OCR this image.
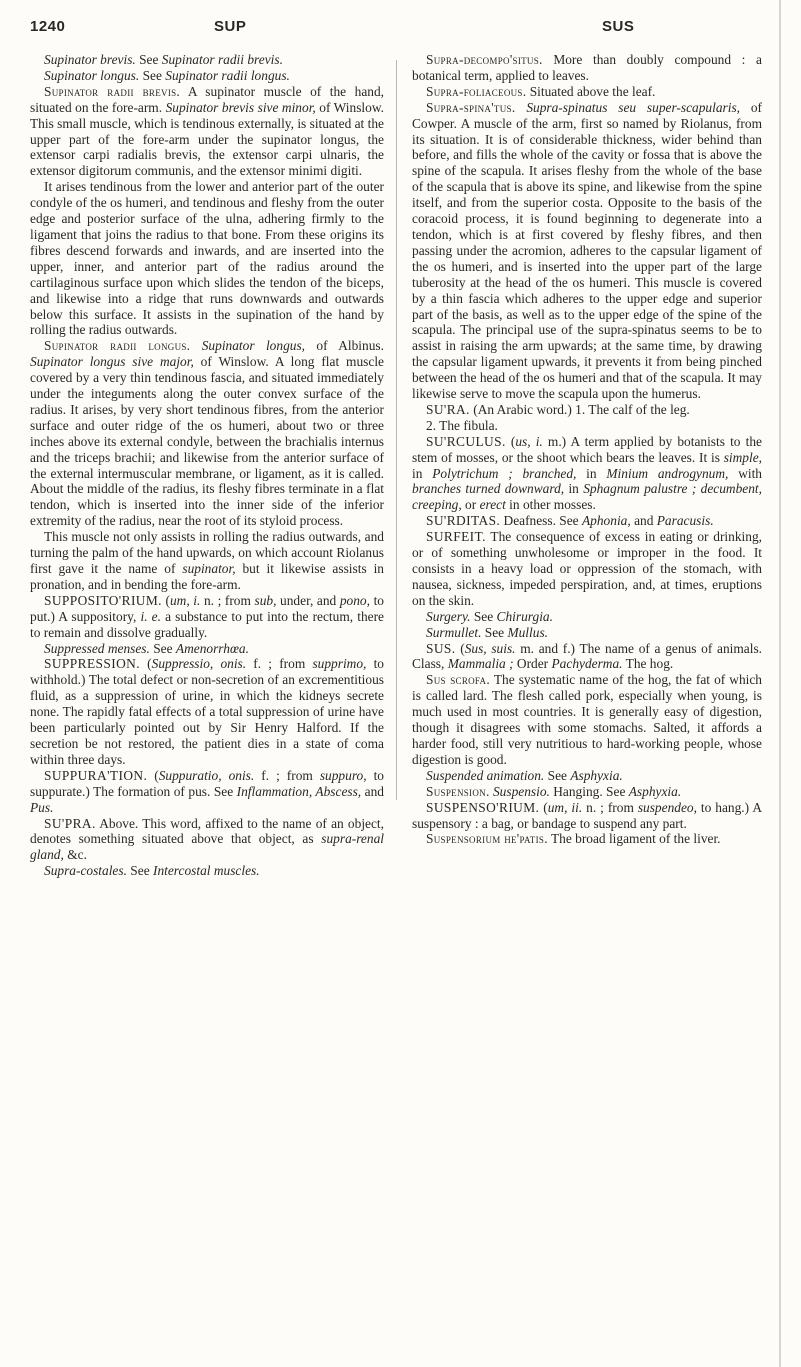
1240	SUP	SUS

Supinator brevis. See Supinator radii brevis.

Supinator longus. See Supinator radii longus.

Supinator radii brevis. A supinator muscle of the hand, situated on the fore-arm. Supinator brevis sive minor, of Winslow. This small muscle, which is tendinous externally, is situated at the upper part of the fore-arm under the supinator longus, the extensor carpi radialis brevis, the extensor carpi ulnaris, the extensor digitorum communis, and the extensor minimi digiti.

It arises tendinous from the lower and anterior part of the outer condyle of the os humeri, and tendinous and fleshy from the outer edge and posterior surface of the ulna, adhering firmly to the ligament that joins the radius to that bone. From these origins its fibres descend forwards and inwards, and are inserted into the upper, inner, and anterior part of the radius around the cartilaginous surface upon which slides the tendon of the biceps, and likewise into a ridge that runs downwards and outwards below this surface. It assists in the supination of the hand by rolling the radius outwards.

Supinator radii longus. Supinator longus, of Albinus. Supinator longus sive major, of Winslow. A long flat muscle covered by a very thin tendinous fascia, and situated immediately under the integuments along the outer convex surface of the radius. It arises, by very short tendinous fibres, from the anterior surface and outer ridge of the os humeri, about two or three inches above its external condyle, between the brachialis internus and the triceps brachii; and likewise from the anterior surface of the external intermuscular membrane, or ligament, as it is called. About the middle of the radius, its fleshy fibres terminate in a flat tendon, which is inserted into the inner side of the inferior extremity of the radius, near the root of its styloid process.

This muscle not only assists in rolling the radius outwards, and turning the palm of the hand upwards, on which account Riolanus first gave it the name of supinator, but it likewise assists in pronation, and in bending the fore-arm.

SUPPOSITO'RIUM. (um, i. n. ; from sub, under, and pono, to put.) A suppository, i. e. a substance to put into the rectum, there to remain and dissolve gradually.

Suppressed menses. See Amenorrhœa.

SUPPRESSION. (Suppressio, onis. f. ; from supprimo, to withhold.) The total defect or non-secretion of an excrementitious fluid, as a suppression of urine, in which the kidneys secrete none. The rapidly fatal effects of a total suppression of urine have been particularly pointed out by Sir Henry Halford. If the secretion be not restored, the patient dies in a state of coma within three days.

SUPPURA'TION. (Suppuratio, onis. f. ; from suppuro, to suppurate.) The formation of pus. See Inflammation, Abscess, and Pus.

SU'PRA. Above. This word, affixed to the name of an object, denotes something situated above that object, as supra-renal gland, &c.

Supra-costales. See Intercostal muscles.

Supra-decompo'situs. More than doubly compound : a botanical term, applied to leaves.

Supra-foliaceous. Situated above the leaf.

Supra-spina'tus. Supra-spinatus seu super-scapularis, of Cowper. A muscle of the arm, first so named by Riolanus, from its situation. It is of considerable thickness, wider behind than before, and fills the whole of the cavity or fossa that is above the spine of the scapula. It arises fleshy from the whole of the base of the scapula that is above its spine, and likewise from the spine itself, and from the superior costa. Opposite to the basis of the coracoid process, it is found beginning to degenerate into a tendon, which is at first covered by fleshy fibres, and then passing under the acromion, adheres to the capsular ligament of the os humeri, and is inserted into the upper part of the large tuberosity at the head of the os humeri. This muscle is covered by a thin fascia which adheres to the upper edge and superior part of the basis, as well as to the upper edge of the spine of the scapula. The principal use of the supra-spinatus seems to be to assist in raising the arm upwards; at the same time, by drawing the capsular ligament upwards, it prevents it from being pinched between the head of the os humeri and that of the scapula. It may likewise serve to move the scapula upon the humerus.

SU'RA. (An Arabic word.) 1. The calf of the leg.

2. The fibula.

SU'RCULUS. (us, i. m.) A term applied by botanists to the stem of mosses, or the shoot which bears the leaves. It is simple, in Polytrichum ; branched, in Minium androgynum, with branches turned downward, in Sphagnum palustre ; decumbent, creeping, or erect in other mosses.

SU'RDITAS. Deafness. See Aphonia, and Paracusis.

SURFEIT. The consequence of excess in eating or drinking, or of something unwholesome or improper in the food. It consists in a heavy load or oppression of the stomach, with nausea, sickness, impeded perspiration, and, at times, eruptions on the skin.

Surgery. See Chirurgia.

Surmullet. See Mullus.

SUS. (Sus, suis. m. and f.) The name of a genus of animals. Class, Mammalia ; Order Pachyderma. The hog.

Sus scrofa. The systematic name of the hog, the fat of which is called lard. The flesh called pork, especially when young, is much used in most countries. It is generally easy of digestion, though it disagrees with some stomachs. Salted, it affords a harder food, still very nutritious to hard-working people, whose digestion is good.

Suspended animation. See Asphyxia.

Suspension. Suspensio. Hanging. See Asphyxia.

SUSPENSO'RIUM. (um, ii. n. ; from suspendeo, to hang.) A suspensory : a bag, or bandage to suspend any part.

Suspensorium he'patis. The broad ligament of the liver.
